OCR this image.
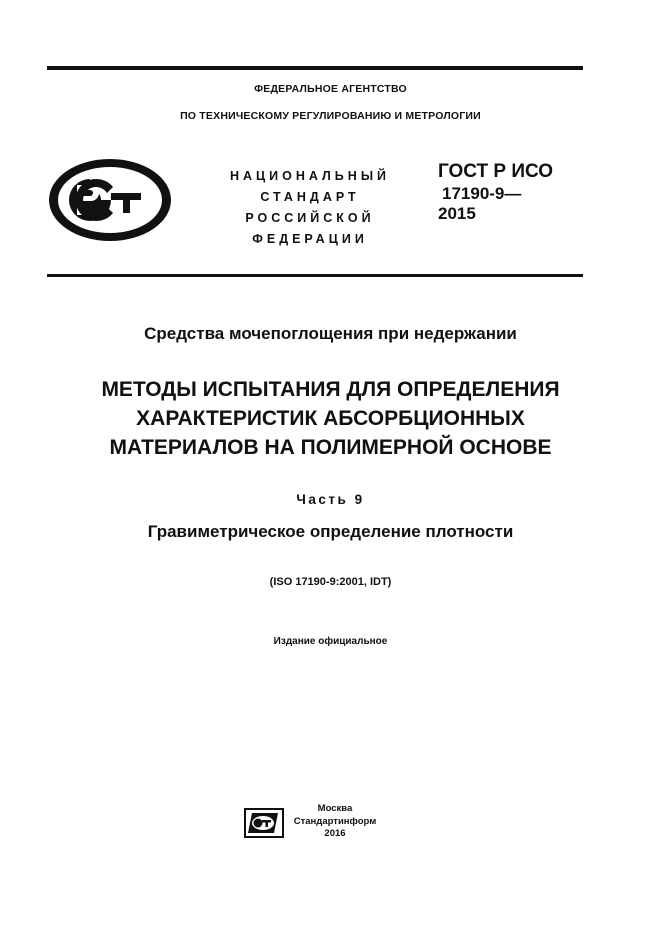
ФЕДЕРАЛЬНОЕ АГЕНТСТВО
ПО ТЕХНИЧЕСКОМУ РЕГУЛИРОВАНИЮ И МЕТРОЛОГИИ
НАЦИОНАЛЬНЫЙ
СТАНДАРТ
РОССИЙСКОЙ
ФЕДЕРАЦИИ
ГОСТ Р ИСО
17190-9—
2015
Средства мочепоглощения при недержании
МЕТОДЫ ИСПЫТАНИЯ ДЛЯ ОПРЕДЕЛЕНИЯ
ХАРАКТЕРИСТИК АБСОРБЦИОННЫХ
МАТЕРИАЛОВ НА ПОЛИМЕРНОЙ ОСНОВЕ
Часть 9
Гравиметрическое определение плотности
(ISO 17190-9:2001, IDT)
Издание официальное
Москва
Стандартинформ
2016
